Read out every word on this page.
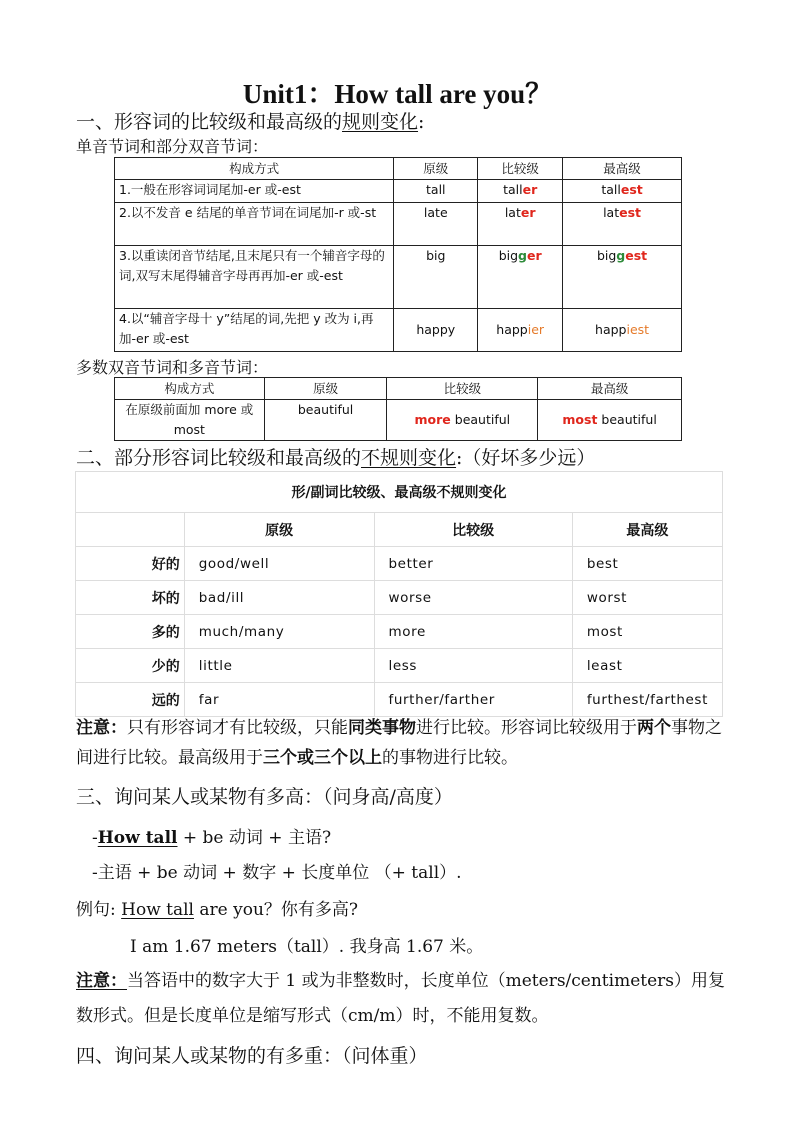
Unit1：How tall are you？
一、形容词的比较级和最高级的规则变化:
单音节词和部分双音节词：
构成方式	原级	比较级	最高级
1.一般在形容词词尾加-er 或-est	tall	taller	tallest
2.以不发音 e 结尾的单音节词在词尾加-r 或-st	late	later	latest
3.以重读闭音节结尾,且末尾只有一个辅音字母的词,双写末尾得辅音字母再再加-er 或-est	big	bigger	biggest
4.以“辅音字母十 y”结尾的词,先把 y 改为 i,再加-er 或-est	happy	happier	happiest
多数双音节词和多音节词：
构成方式	原级	比较级	最高级
在原级前面加 more 或 most	beautiful	more beautiful	most beautiful
二、部分形容词比较级和最高级的不规则变化:（好坏多少远）
形/副词比较级、最高级不规则变化			
	原级	比较级	最高级
好的	good/well	better	best
坏的	bad/ill	worse	worst
多的	much/many	more	most
少的	little	less	least
远的	far	further/farther	furthest/farthest
注意：只有形容词才有比较级，只能同类事物进行比较。形容词比较级用于两个事物之间进行比较。最高级用于三个或三个以上的事物进行比较。
三、询问某人或某物有多高：（问身高/高度）
-How tall + be 动词 + 主语?
-主语 + be 动词 + 数字 + 长度单位 （+ tall）.
例句: How tall are you？你有多高?
I am 1.67 meters（tall）. 我身高 1.67 米。
注意：当答语中的数字大于 1 或为非整数时，长度单位（meters/centimeters）用复数形式。但是长度单位是缩写形式（cm/m）时，不能用复数。
四、询问某人或某物的有多重：（问体重）
